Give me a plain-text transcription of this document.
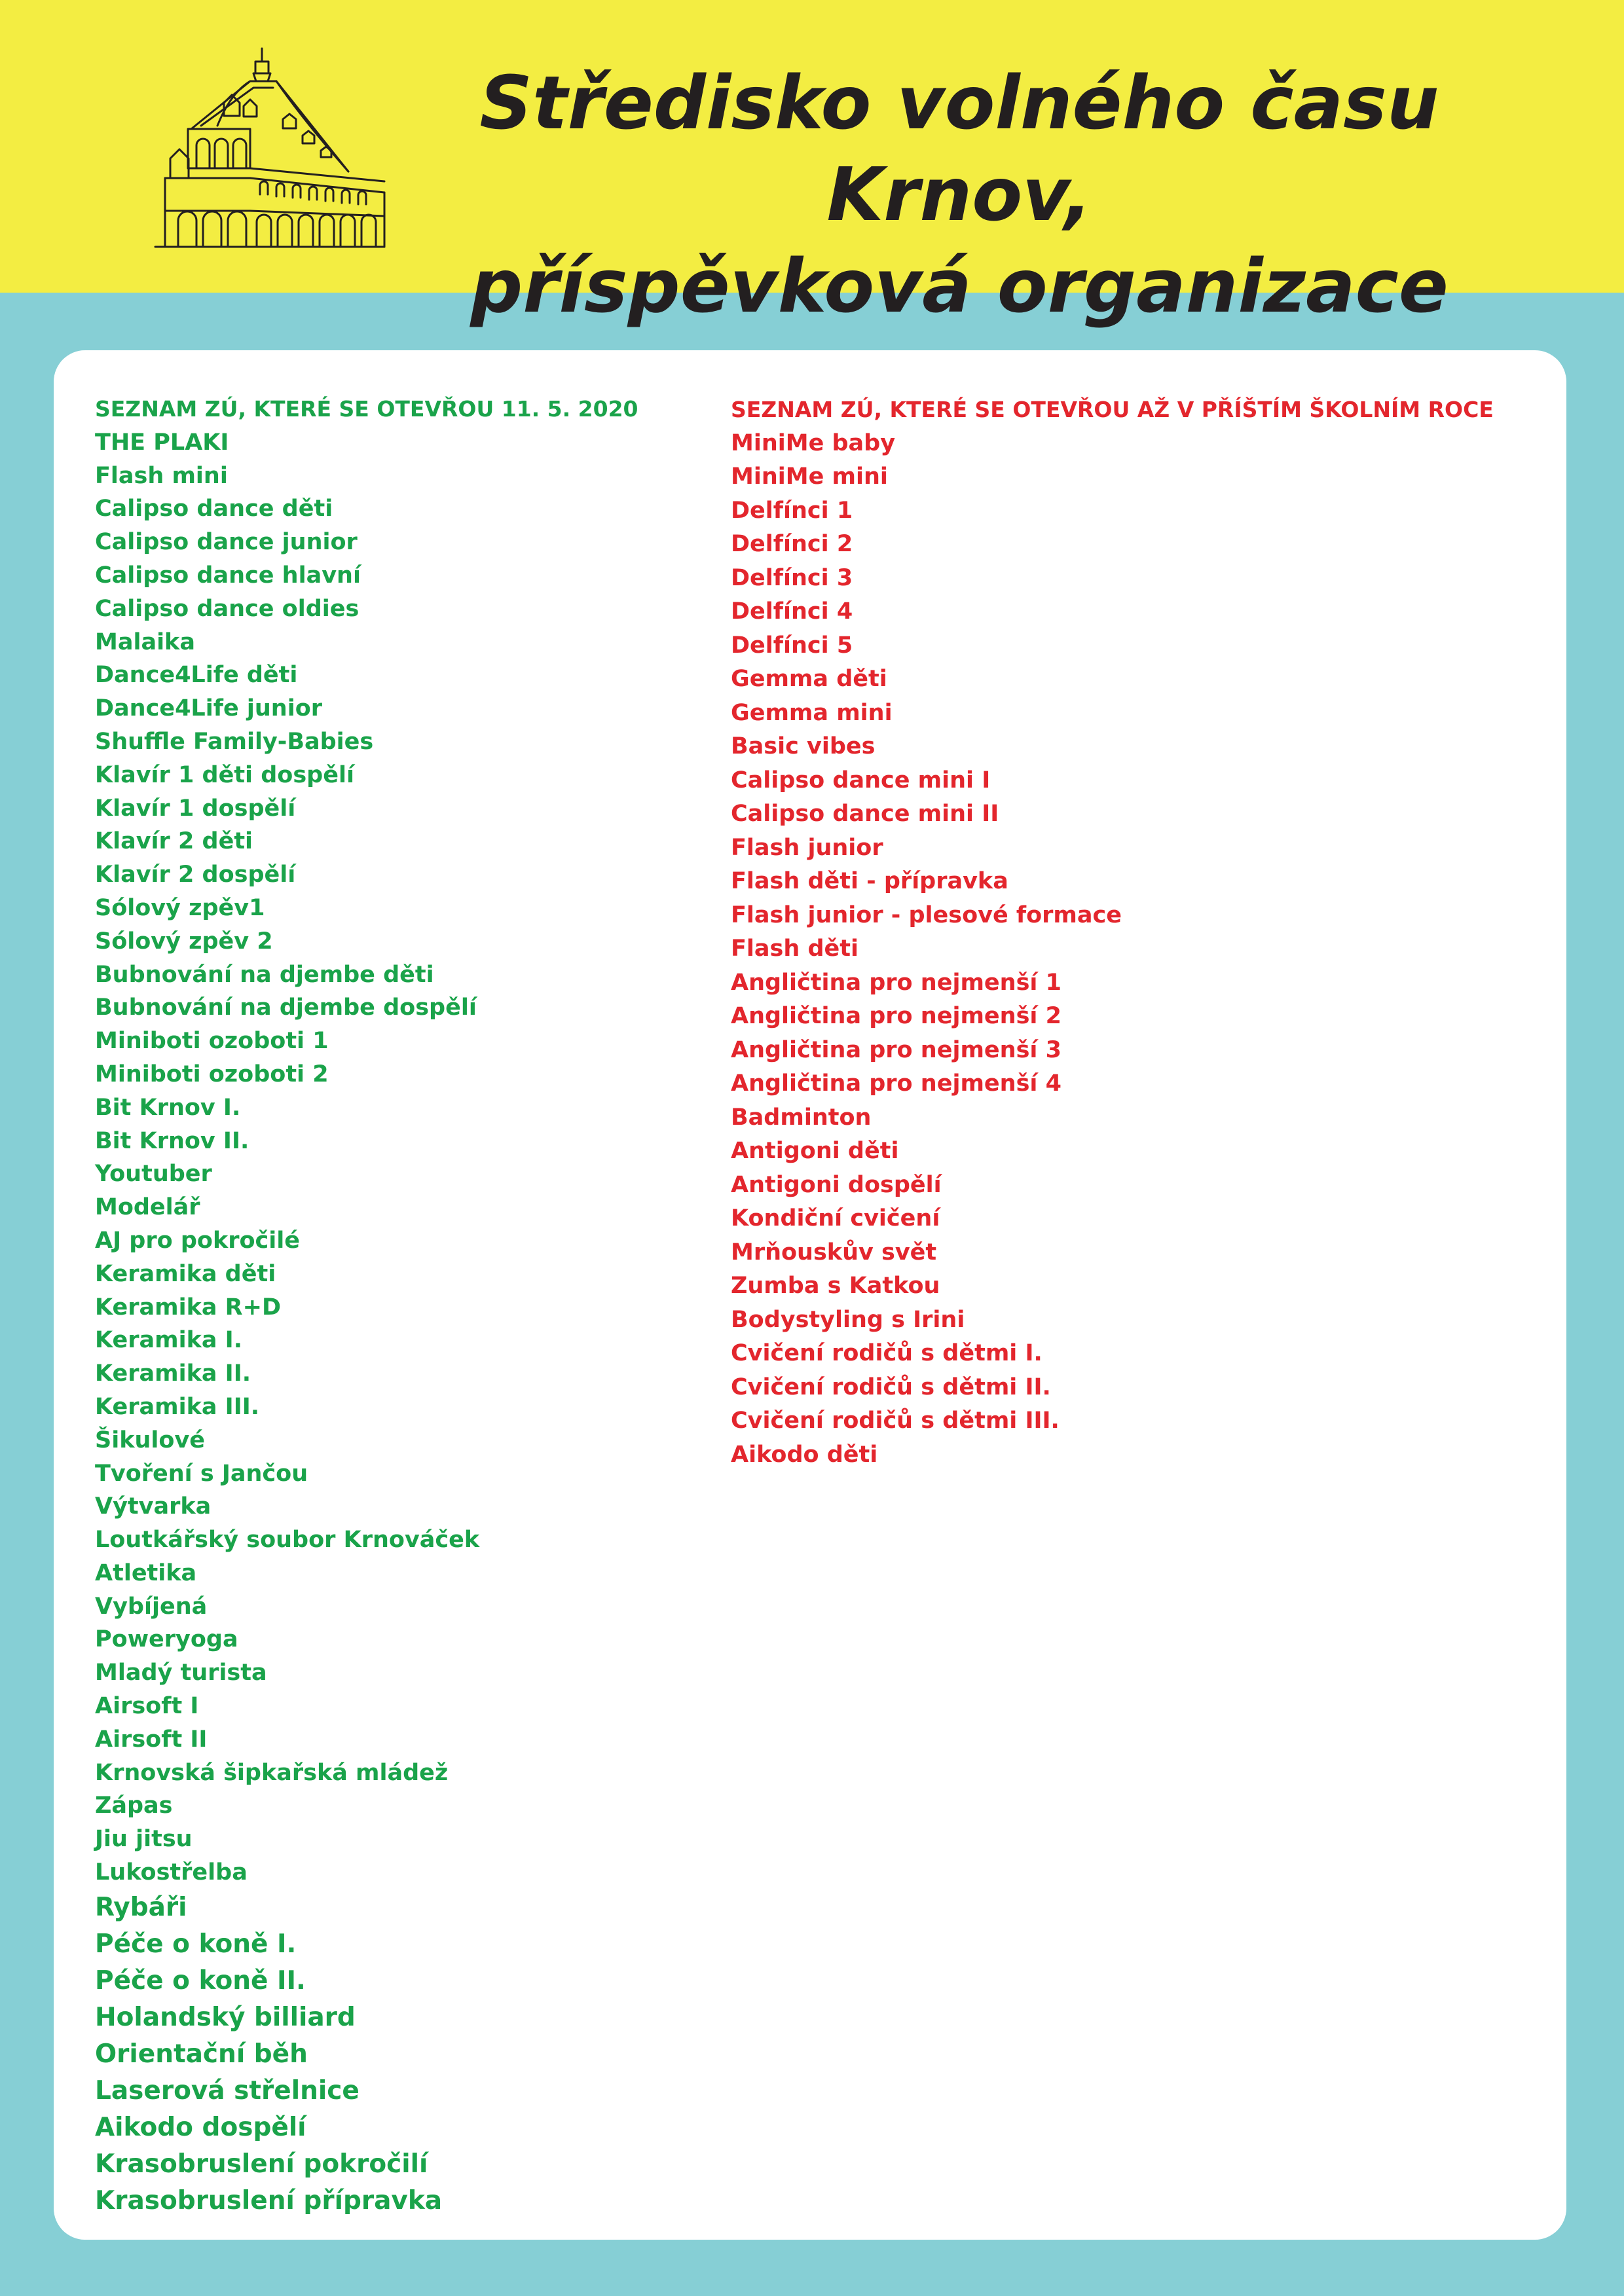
Středisko volného času Krnov,
příspěvková organizace
SEZNAM ZÚ, KTERÉ SE OTEVŘOU 11. 5. 2020
THE PLAKI
Flash mini
Calipso dance děti
Calipso dance junior
Calipso dance hlavní
Calipso dance oldies
Malaika
Dance4Life děti
Dance4Life junior
Shuffle Family-Babies
Klavír 1 děti dospělí
Klavír 1 dospělí
Klavír 2 děti
Klavír 2 dospělí
Sólový zpěv1
Sólový zpěv 2
Bubnování na djembe děti
Bubnování na djembe dospělí
Miniboti ozoboti 1
Miniboti ozoboti 2
Bit Krnov I.
Bit Krnov II.
Youtuber
Modelář
AJ pro pokročilé
Keramika děti
Keramika R+D
Keramika I.
Keramika II.
Keramika III.
Šikulové
Tvoření s Jančou
Výtvarka
Loutkářský soubor Krnováček
Atletika
Vybíjená
Poweryoga
Mladý turista
Airsoft I
Airsoft II
Krnovská šipkařská mládež
Zápas
Jiu jitsu
Lukostřelba
Rybáři
Péče o koně I.
Péče o koně II.
Holandský billiard
Orientační běh
Laserová střelnice
Aikodo dospělí
Krasobruslení pokročilí
Krasobruslení přípravka
SEZNAM ZÚ, KTERÉ SE OTEVŘOU AŽ V PŘÍŠTÍM ŠKOLNÍM ROCE
MiniMe baby
MiniMe mini
Delfínci 1
Delfínci 2
Delfínci 3
Delfínci 4
Delfínci 5
Gemma děti
Gemma mini
Basic vibes
Calipso dance mini I
Calipso dance mini II
Flash junior
Flash děti - přípravka
Flash junior - plesové formace
Flash děti
Angličtina pro nejmenší 1
Angličtina pro nejmenší 2
Angličtina pro nejmenší 3
Angličtina pro nejmenší 4
Badminton
Antigoni děti
Antigoni dospělí
Kondiční cvičení
Mrňouskův svět
Zumba s Katkou
Bodystyling s Irini
Cvičení rodičů s dětmi I.
Cvičení rodičů s dětmi II.
Cvičení rodičů s dětmi III.
Aikodo děti
